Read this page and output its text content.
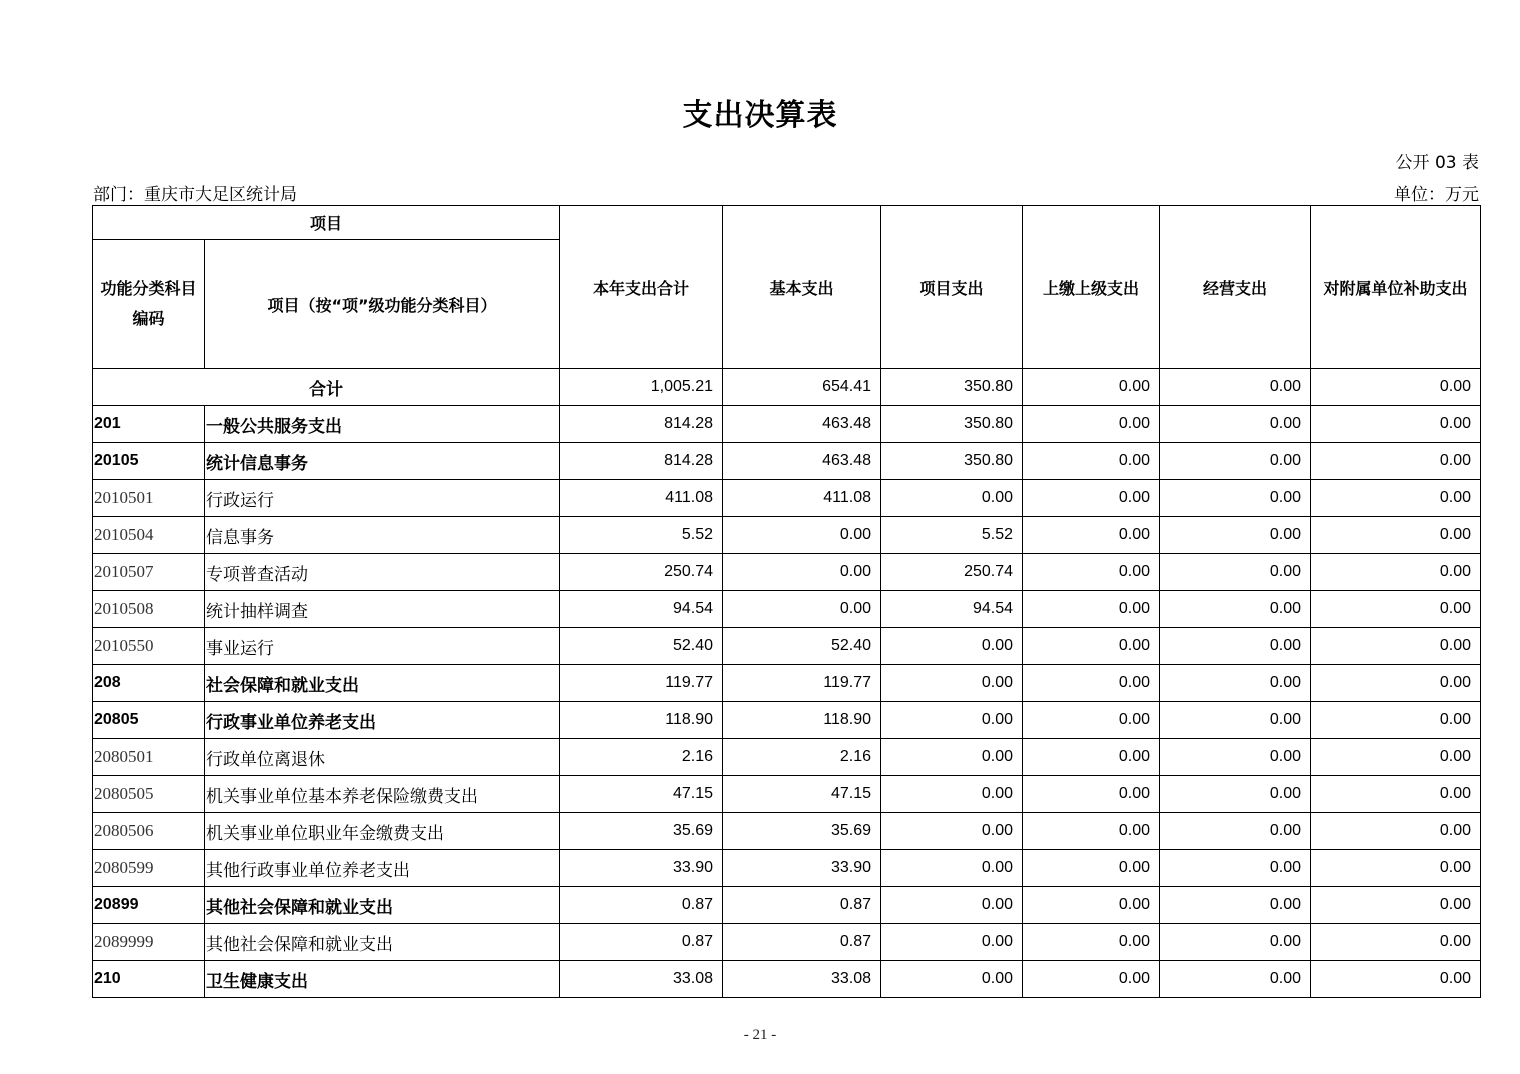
支出决算表
公开 03 表
部门：重庆市大足区统计局	单位：万元
项目		本年支出合计	基本支出	项目支出	上缴上级支出	经营支出	对附属单位补助支出
功能分类科目编码	项目（按“项”级功能分类科目）						
合计		1,005.21	654.41	350.80	0.00	0.00	0.00
201	一般公共服务支出	814.28	463.48	350.80	0.00	0.00	0.00
20105	统计信息事务	814.28	463.48	350.80	0.00	0.00	0.00
2010501	行政运行	411.08	411.08	0.00	0.00	0.00	0.00
2010504	信息事务	5.52	0.00	5.52	0.00	0.00	0.00
2010507	专项普查活动	250.74	0.00	250.74	0.00	0.00	0.00
2010508	统计抽样调查	94.54	0.00	94.54	0.00	0.00	0.00
2010550	事业运行	52.40	52.40	0.00	0.00	0.00	0.00
208	社会保障和就业支出	119.77	119.77	0.00	0.00	0.00	0.00
20805	行政事业单位养老支出	118.90	118.90	0.00	0.00	0.00	0.00
2080501	行政单位离退休	2.16	2.16	0.00	0.00	0.00	0.00
2080505	机关事业单位基本养老保险缴费支出	47.15	47.15	0.00	0.00	0.00	0.00
2080506	机关事业单位职业年金缴费支出	35.69	35.69	0.00	0.00	0.00	0.00
2080599	其他行政事业单位养老支出	33.90	33.90	0.00	0.00	0.00	0.00
20899	其他社会保障和就业支出	0.87	0.87	0.00	0.00	0.00	0.00
2089999	其他社会保障和就业支出	0.87	0.87	0.00	0.00	0.00	0.00
210	卫生健康支出	33.08	33.08	0.00	0.00	0.00	0.00
- 21 -
